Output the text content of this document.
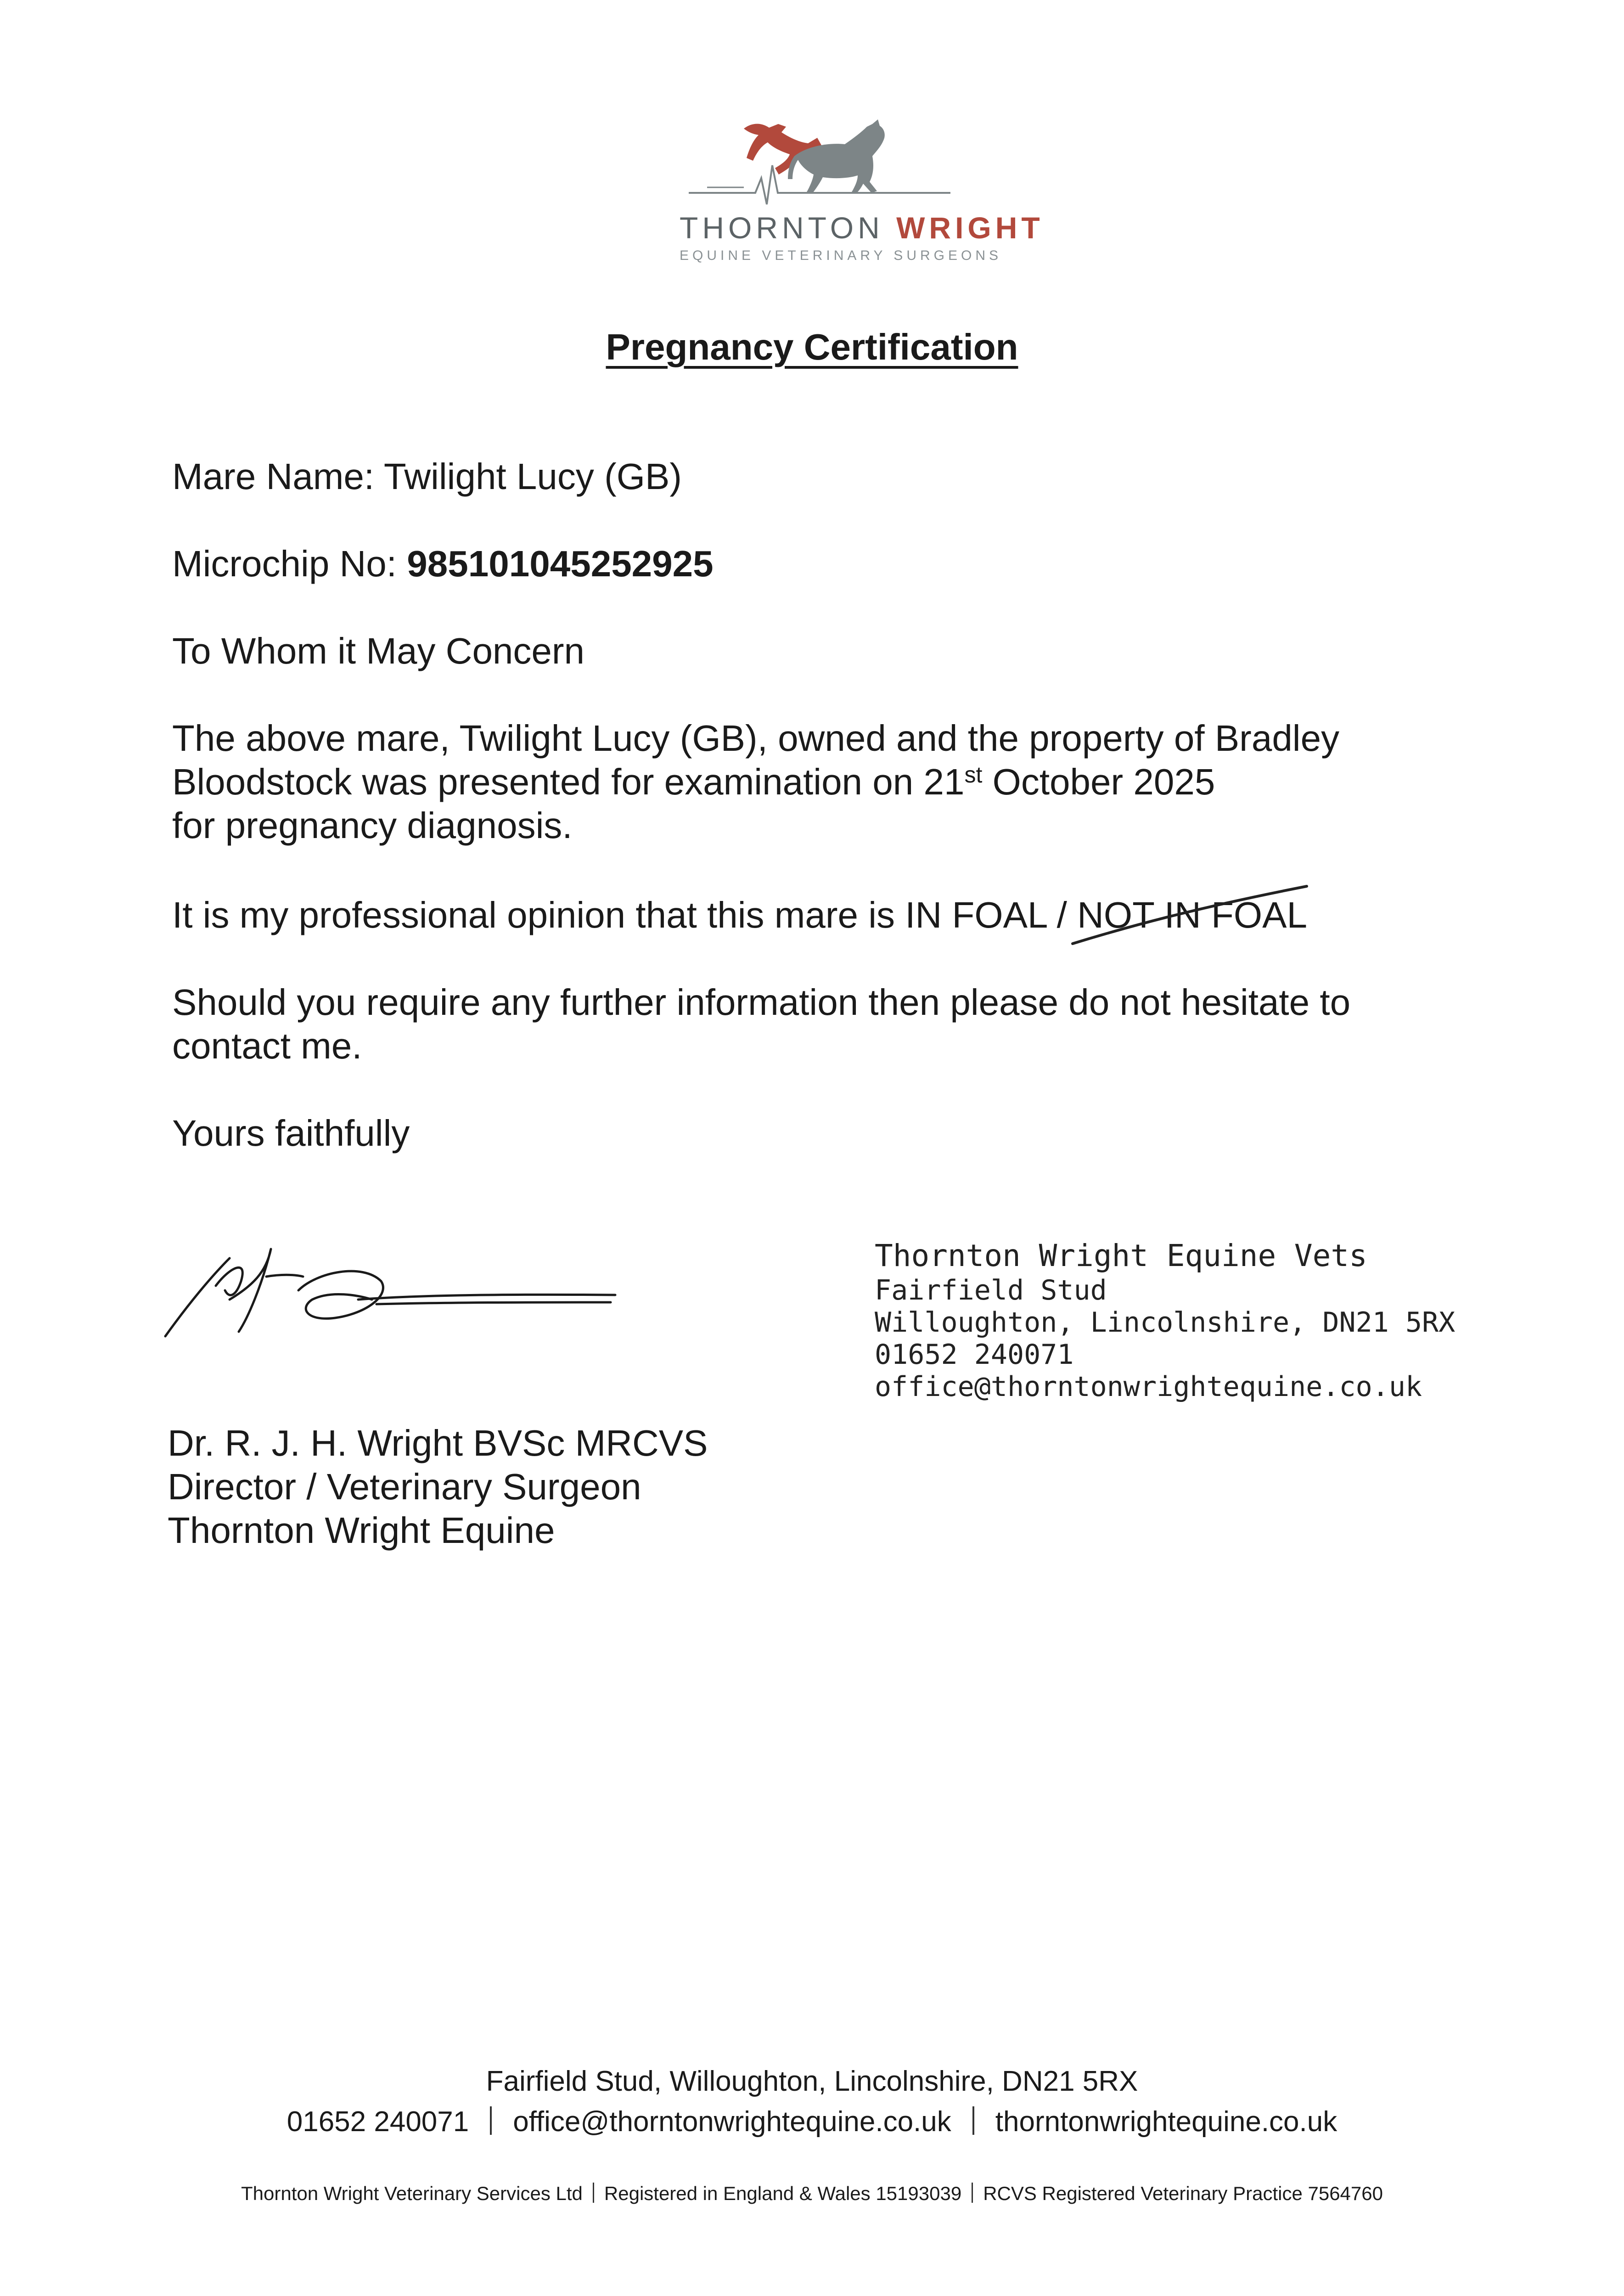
THORNTON WRIGHT
EQUINE VETERINARY SURGEONS
Pregnancy Certification
Mare Name: Twilight Lucy (GB)
Microchip No: 985101045252925
To Whom it May Concern
The above mare, Twilight Lucy (GB), owned and the property of Bradley
Bloodstock was presented for examination on 21st October 2025
for pregnancy diagnosis.
It is my professional opinion that this mare is IN FOAL / NOT IN FOAL
Should you require any further information then please do not hesitate to
contact me.
Yours faithfully
Thornton Wright Equine Vets
Fairfield Stud
Willoughton, Lincolnshire, DN21 5RX
01652 240071
office@thorntonwrightequine.co.uk
Dr. R. J. H. Wright BVSc MRCVS
Director / Veterinary Surgeon
Thornton Wright Equine
Fairfield Stud, Willoughton, Lincolnshire, DN21 5RX
01652 240071 office@thorntonwrightequine.co.uk thorntonwrightequine.co.uk
Thornton Wright Veterinary Services Ltd Registered in England & Wales 15193039 RCVS Registered Veterinary Practice 7564760
